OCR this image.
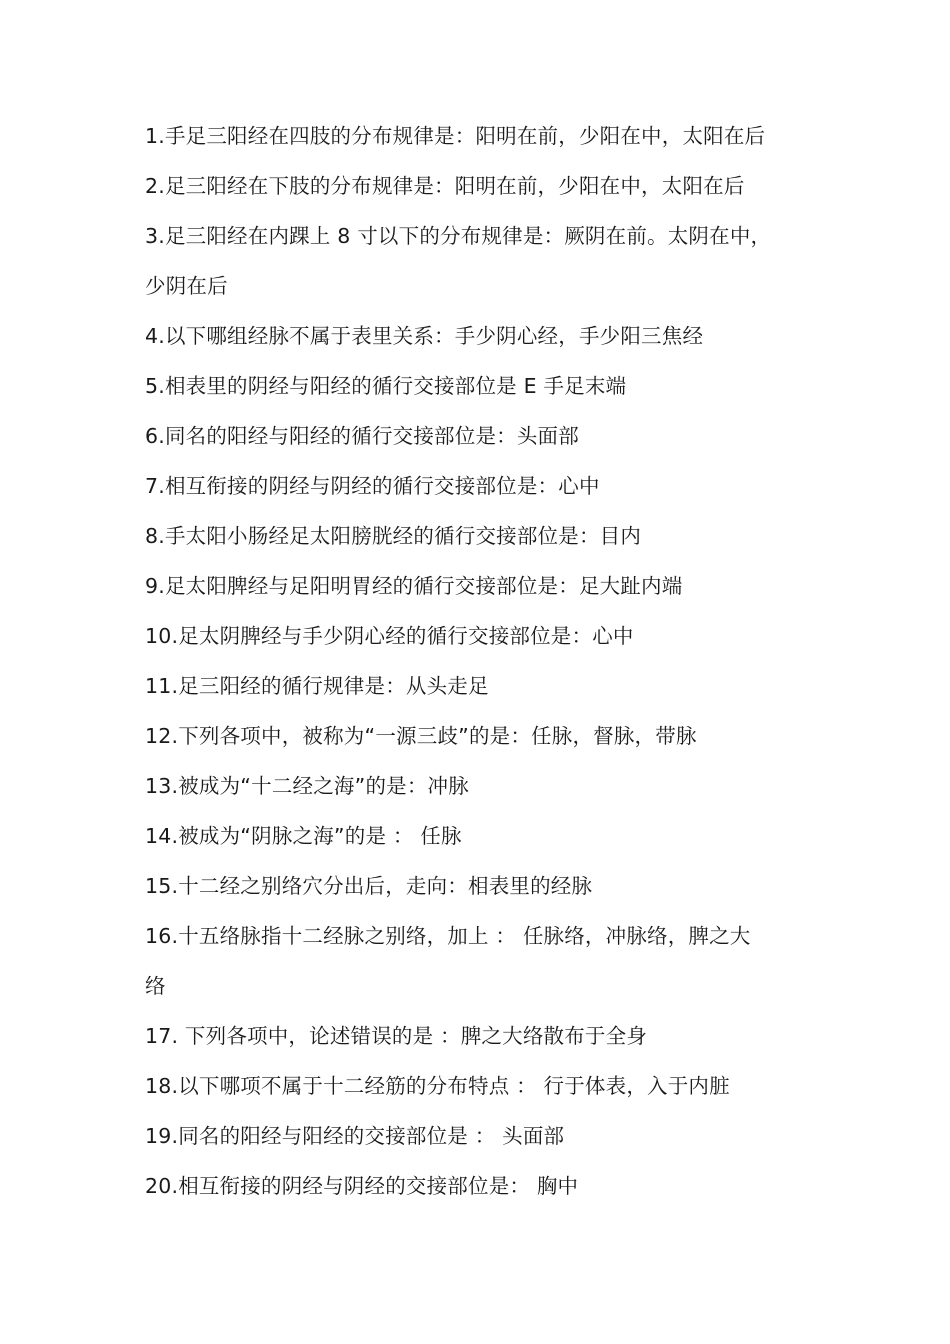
1.手足三阳经在四肢的分布规律是：阳明在前，少阳在中，太阳在后
2.足三阳经在下肢的分布规律是：阳明在前，少阳在中，太阳在后
3.足三阳经在内踝上 8 寸以下的分布规律是：厥阴在前。太阴在中，
少阴在后
4.以下哪组经脉不属于表里关系：手少阴心经，手少阳三焦经
5.相表里的阴经与阳经的循行交接部位是 E 手足末端
6.同名的阳经与阳经的循行交接部位是：头面部
7.相互衔接的阴经与阴经的循行交接部位是：心中
8.手太阳小肠经足太阳膀胱经的循行交接部位是：目内
9.足太阳脾经与足阳明胃经的循行交接部位是：足大趾内端
10.足太阴脾经与手少阴心经的循行交接部位是：心中
11.足三阳经的循行规律是：从头走足
12.下列各项中，被称为“一源三歧”的是：任脉，督脉，带脉
13.被成为“十二经之海”的是：冲脉
14.被成为“阴脉之海”的是 ： 任脉
15.十二经之别络穴分出后，走向：相表里的经脉
16.十五络脉指十二经脉之别络，加上 ： 任脉络，冲脉络，脾之大
络
17. 下列各项中，论述错误的是 ：脾之大络散布于全身
18.以下哪项不属于十二经筋的分布特点 ： 行于体表，入于内脏
19.同名的阳经与阳经的交接部位是 ： 头面部
20.相互衔接的阴经与阴经的交接部位是： 胸中
